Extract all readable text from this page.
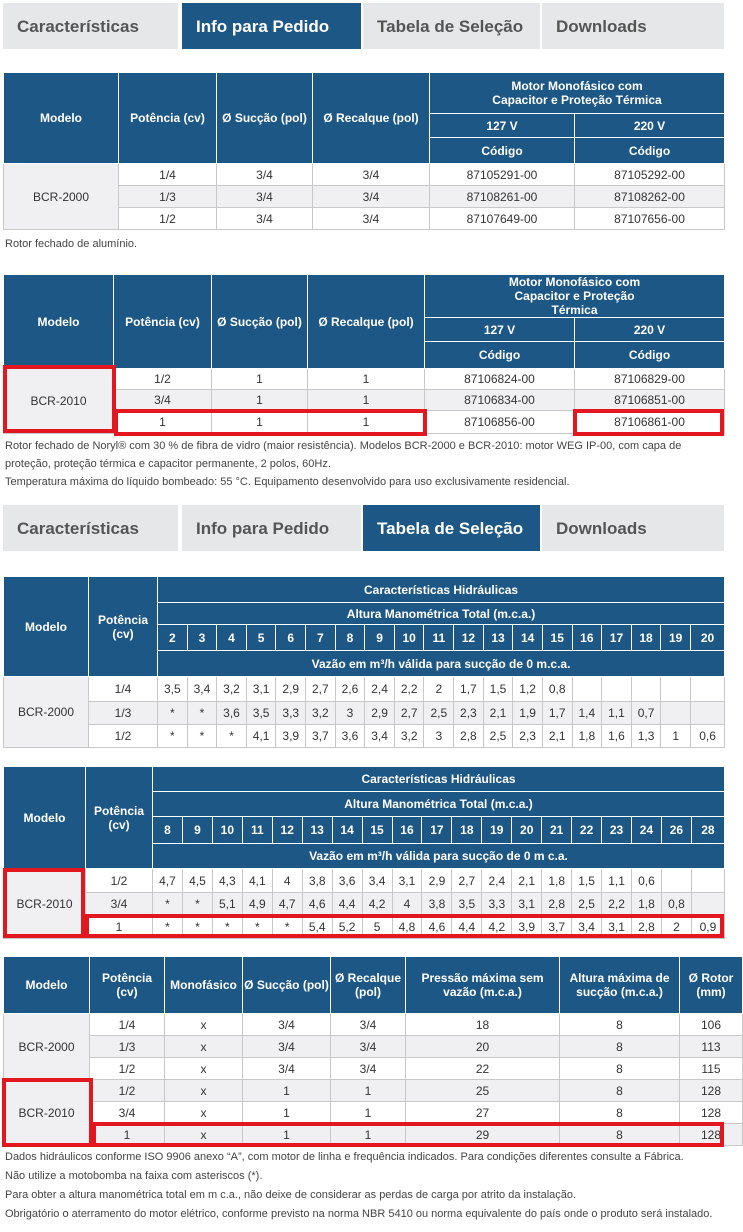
Características	Info para Pedido	Tabela de Seleção	Downloads
Modelo	Potência (cv)	Ø Sucção (pol)	Ø Recalque (pol)	Motor Monofásico com Capacitor e Proteção Térmica	
				127 V	220 V
				Código	Código
BCR-2000	1/4	3/4	3/4	87105291-00	87105292-00
	1/3	3/4	3/4	87108261-00	87108262-00
	1/2	3/4	3/4	87107649-00	87107656-00
Rotor fechado de alumínio.
Modelo	Potência (cv)	Ø Sucção (pol)	Ø Recalque (pol)	Motor Monofásico com Capacitor e Proteção Térmica	
				127 V	220 V
				Código	Código
BCR-2010	1/2	1	1	87106824-00	87106829-00
	3/4	1	1	87106834-00	87106851-00
	1	1	1	87106856-00	87106861-00
Rotor fechado de Noryl® com 30 % de fibra de vidro (maior resistência). Modelos BCR-2000 e BCR-2010: motor WEG IP-00, com capa de
proteção, proteção térmica e capacitor permanente, 2 polos, 60Hz.
Temperatura máxima do líquido bombeado: 55 °C. Equipamento desenvolvido para uso exclusivamente residencial.
Características	Info para Pedido	Tabela de Seleção	Downloads
Modelo	Potência (cv)	Características Hidráulicas																		
		Altura Manométrica Total (m.c.a.)																		
		2	3	4	5	6	7	8	9	10	11	12	13	14	15	16	17	18	19	20
		Vazão em m³/h válida para sucção de 0 m.c.a.																		
BCR-2000	1/4	3,5	3,4	3,2	3,1	2,9	2,7	2,6	2,4	2,2	2	1,7	1,5	1,2	0,8					
	1/3	*	*	3,6	3,5	3,3	3,2	3	2,9	2,7	2,5	2,3	2,1	1,9	1,7	1,4	1,1	0,7		
	1/2	*	*	*	4,1	3,9	3,7	3,6	3,4	3,2	3	2,8	2,5	2,3	2,1	1,8	1,6	1,3	1	0,6
Modelo	Potência (cv)	Características Hidráulicas																		
		Altura Manométrica Total (m.c.a.)																		
		8	9	10	11	12	13	14	15	16	17	18	19	20	21	22	23	24	26	28
		Vazão em m³/h válida para sucção de 0 m c.a.																		
BCR-2010	1/2	4,7	4,5	4,3	4,1	4	3,8	3,6	3,4	3,1	2,9	2,7	2,4	2,1	1,8	1,5	1,1	0,6		
	3/4	*	*	5,1	4,9	4,7	4,6	4,4	4,2	4	3,8	3,5	3,3	3,1	2,8	2,5	2,2	1,8	0,8	
	1	*	*	*	*	*	5,4	5,2	5	4,8	4,6	4,4	4,2	3,9	3,7	3,4	3,1	2,8	2	0,9
Modelo	Potência (cv)	Monofásico	Ø Sucção (pol)	Ø Recalque (pol)	Pressão máxima sem vazão (m.c.a.)	Altura máxima de sucção (m.c.a.)	Ø Rotor (mm)
BCR-2000	1/4	x	3/4	3/4	18	8	106
	1/3	x	3/4	3/4	20	8	113
	1/2	x	3/4	3/4	22	8	115
BCR-2010	1/2	x	1	1	25	8	128
	3/4	x	1	1	27	8	128
	1	x	1	1	29	8	128
Dados hidráulicos conforme ISO 9906 anexo “A”, com motor de linha e frequência indicados. Para condições diferentes consulte a Fábrica.
Não utilize a motobomba na faixa com asteriscos (*).
Para obter a altura manométrica total em m c.a., não deixe de considerar as perdas de carga por atrito da instalação.
Obrigatório o aterramento do motor elétrico, conforme previsto na norma NBR 5410 ou norma equivalente do país onde o produto será instalado.
